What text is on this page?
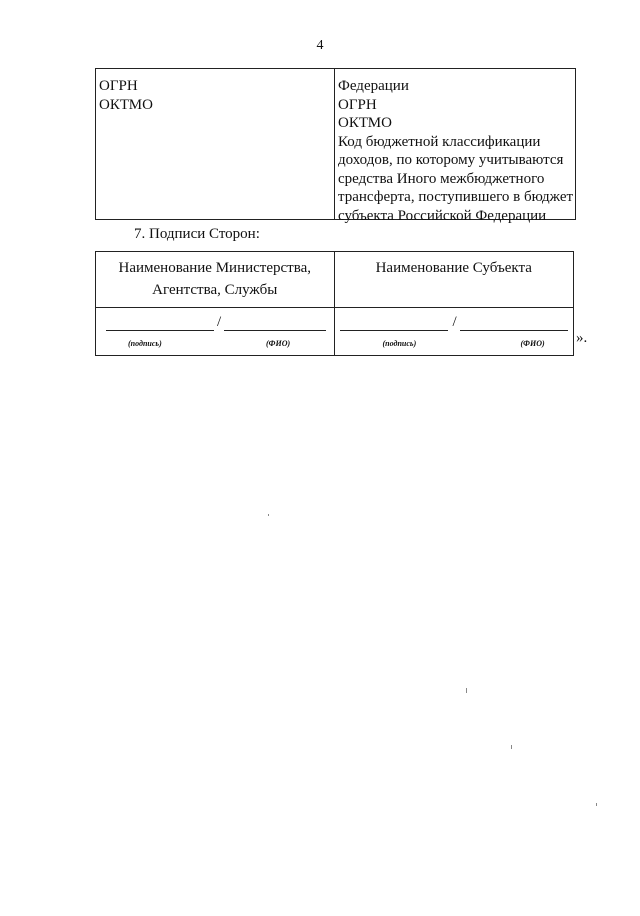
4
ОГРН
ОКТМО
Федерации
ОГРН
ОКТМО
Код бюджетной классификации
доходов, по которому учитываются
средства Иного межбюджетного
трансферта, поступившего в бюджет
субъекта Российской Федерации
7. Подписи Сторон:
Наименование Министерства,
Агентства, Службы
Наименование Субъекта
/
(подпись)	(ФИО)
/
(подпись)	(ФИО) ».
